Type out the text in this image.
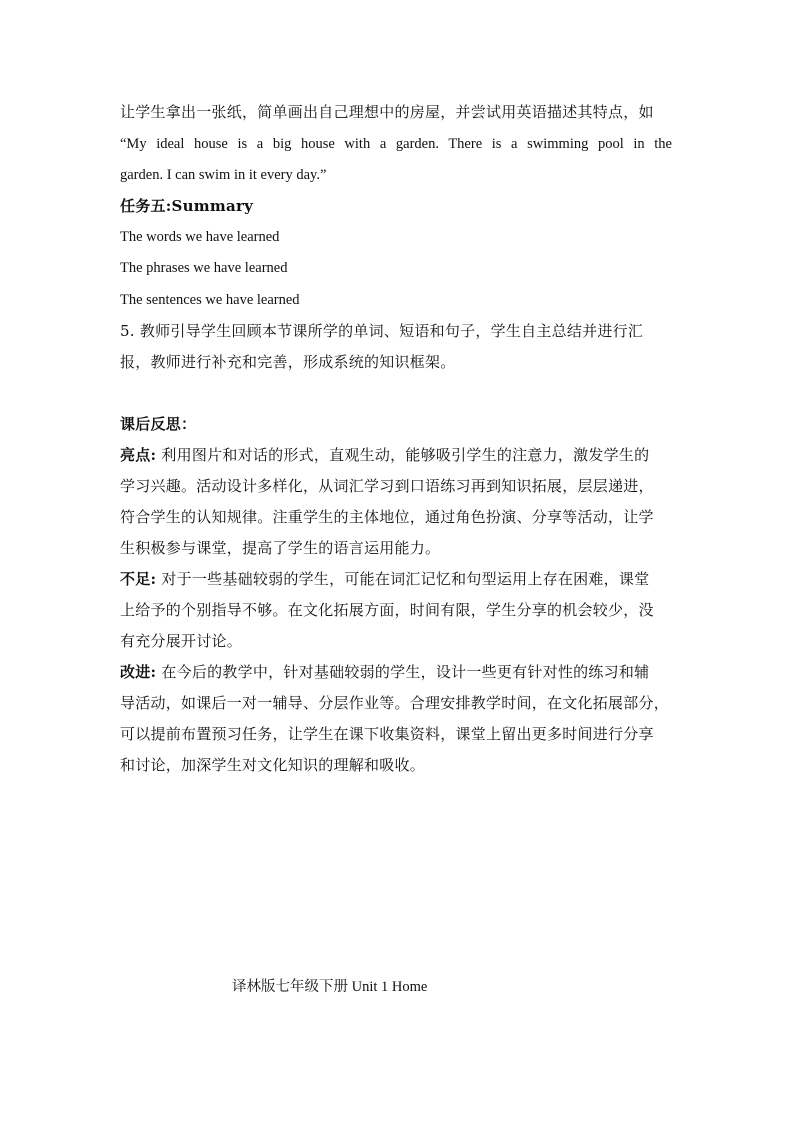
让学生拿出一张纸，简单画出自己理想中的房屋，并尝试用英语描述其特点，如

“My ideal house is a big house with a garden. There is a swimming pool in the

garden. I can swim in it every day.”

任务五:Summary

The words we have learned

The phrases we have learned

The sentences we have learned

5. 教师引导学生回顾本节课所学的单词、短语和句子，学生自主总结并进行汇

报，教师进行补充和完善，形成系统的知识框架。

课后反思：

亮点: 利用图片和对话的形式，直观生动，能够吸引学生的注意力，激发学生的

学习兴趣。活动设计多样化，从词汇学习到口语练习再到知识拓展，层层递进，

符合学生的认知规律。注重学生的主体地位，通过角色扮演、分享等活动，让学

生积极参与课堂，提高了学生的语言运用能力。

不足: 对于一些基础较弱的学生，可能在词汇记忆和句型运用上存在困难，课堂

上给予的个别指导不够。在文化拓展方面，时间有限，学生分享的机会较少，没

有充分展开讨论。

改进: 在今后的教学中，针对基础较弱的学生，设计一些更有针对性的练习和辅

导活动，如课后一对一辅导、分层作业等。合理安排教学时间，在文化拓展部分，

可以提前布置预习任务，让学生在课下收集资料，课堂上留出更多时间进行分享

和讨论，加深学生对文化知识的理解和吸收。

译林版七年级下册 Unit 1 Home
